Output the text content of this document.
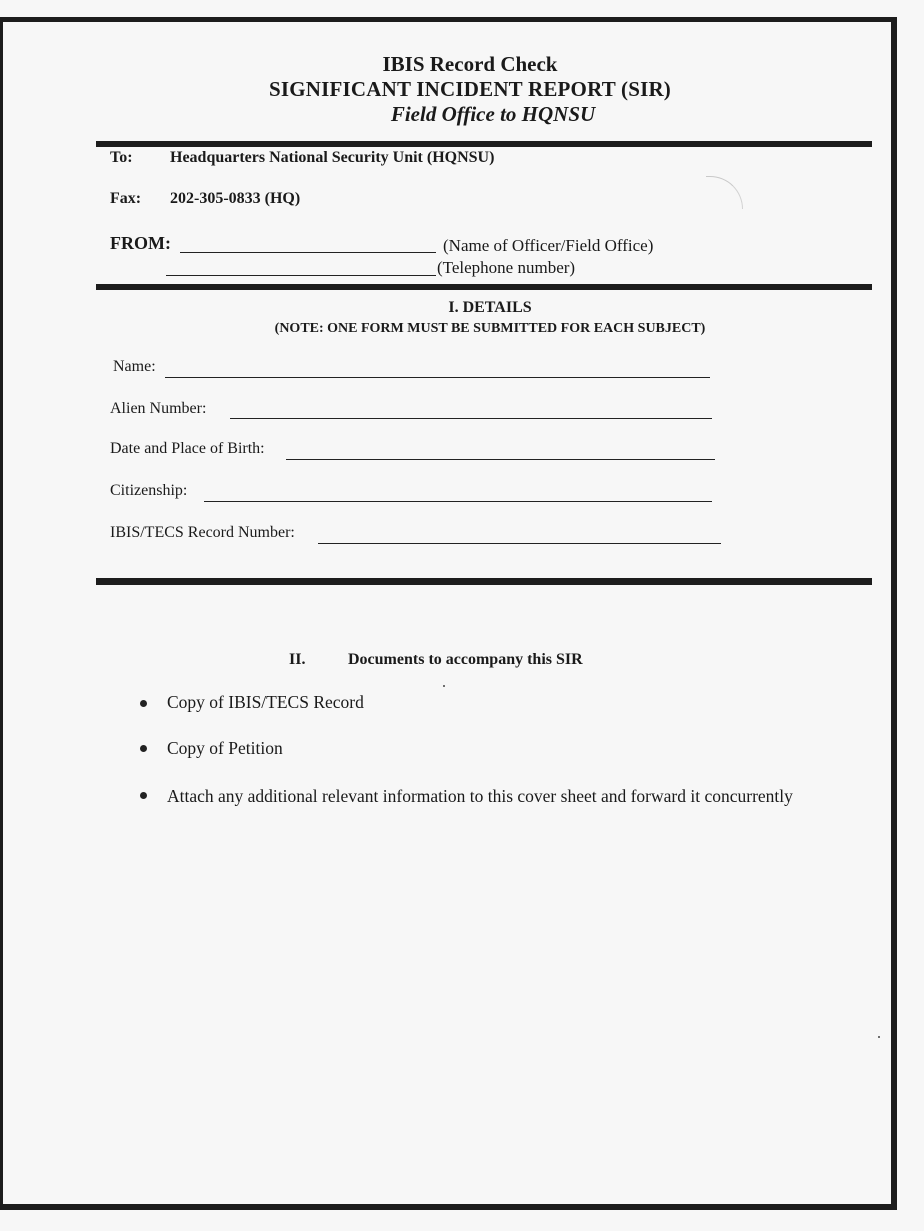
IBIS Record Check
SIGNIFICANT INCIDENT REPORT (SIR)
Field Office to HQNSU
To: Headquarters National Security Unit (HQNSU)
Fax: 202-305-0833 (HQ)
FROM:	(Name of Officer/Field Office)
(Telephone number)
I. DETAILS
(NOTE: ONE FORM MUST BE SUBMITTED FOR EACH SUBJECT)
Name:
Alien Number:
Date and Place of Birth:
Citizenship:
IBIS/TECS Record Number:
II.	Documents to accompany this SIR
Copy of IBIS/TECS Record
Copy of Petition
Attach any additional relevant information to this cover sheet and forward it concurrently
